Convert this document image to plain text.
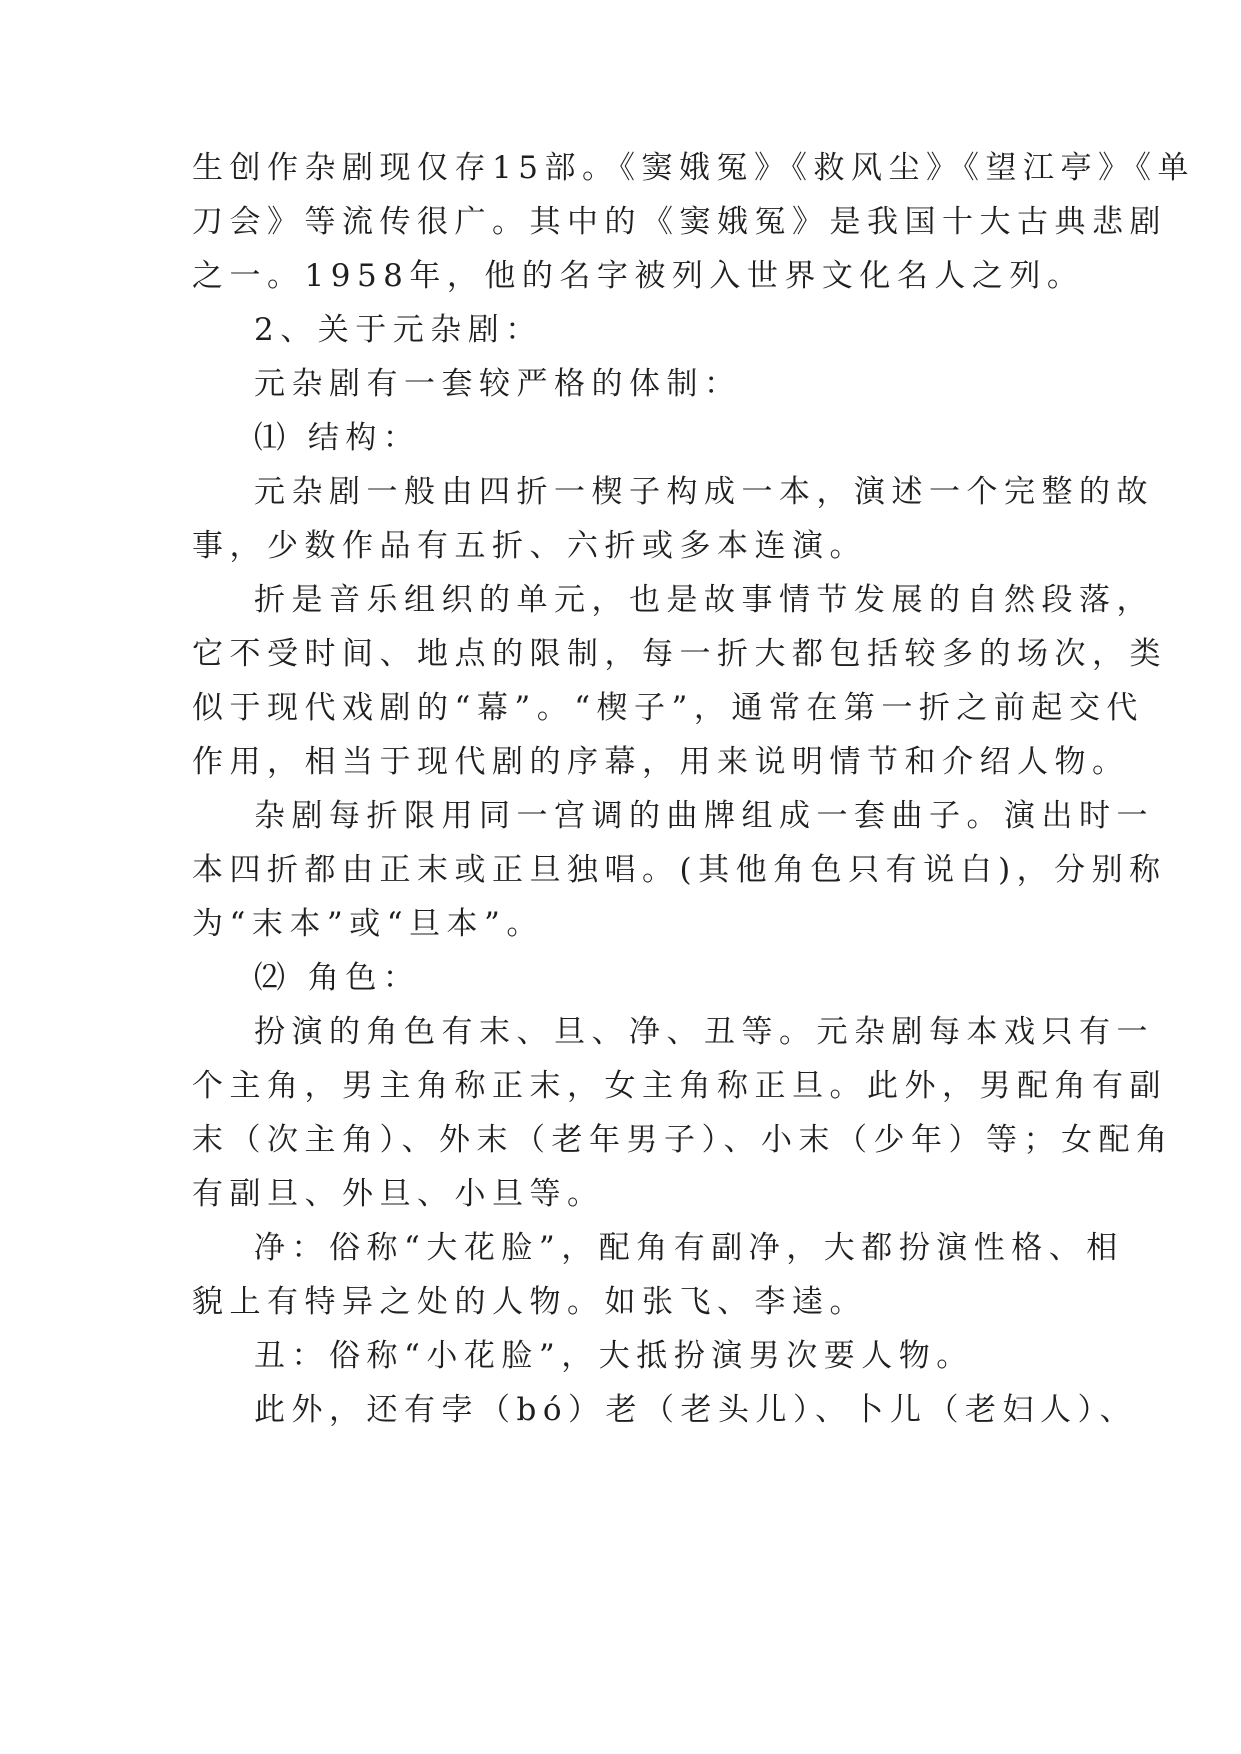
生创作杂剧现仅存15部。《窦娥冤》《救风尘》《望江亭》《单

刀会》等流传很广。其中的《窦娥冤》是我国十大古典悲剧

之一。1958年，他的名字被列入世界文化名人之列。

2、关于元杂剧：

元杂剧有一套较严格的体制：

⑴ 结构：

元杂剧一般由四折一楔子构成一本，演述一个完整的故

事，少数作品有五折、六折或多本连演。

折是音乐组织的单元，也是故事情节发展的自然段落，

它不受时间、地点的限制，每一折大都包括较多的场次，类

似于现代戏剧的“幕”。“楔子”，通常在第一折之前起交代

作用，相当于现代剧的序幕，用来说明情节和介绍人物。

杂剧每折限用同一宫调的曲牌组成一套曲子。演出时一

本四折都由正末或正旦独唱。(其他角色只有说白)，分别称

为“末本”或“旦本”。

⑵ 角色：

扮演的角色有末、旦、净、丑等。元杂剧每本戏只有一

个主角，男主角称正末，女主角称正旦。此外，男配角有副

末（次主角）、外末（老年男子）、小末（少年）等；女配角

有副旦、外旦、小旦等。

净：俗称“大花脸”，配角有副净，大都扮演性格、相

貌上有特异之处的人物。如张飞、李逵。

丑：俗称“小花脸”，大抵扮演男次要人物。

此外，还有孛（bó）老（老头儿）、卜儿（老妇人）、
